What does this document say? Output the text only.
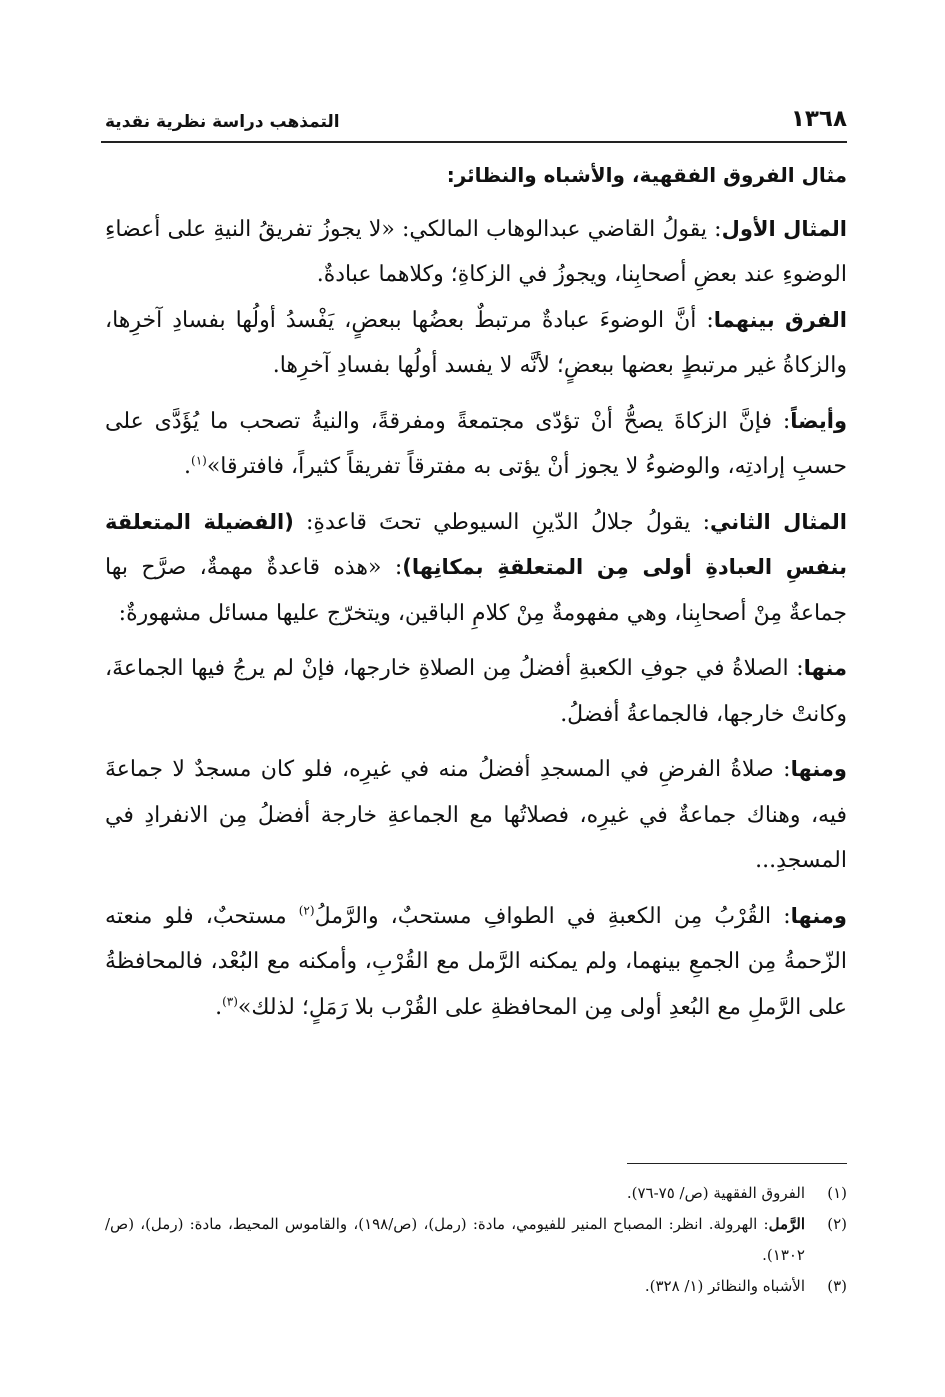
١٣٦٨
التمذهب دراسة نظرية نقدية
مثال الفروق الفقهية، والأشباه والنظائر:

المثال الأول: يقولُ القاضي عبدالوهاب المالكي: «لا يجوزُ تفريقُ النيةِ على أعضاءِ الوضوءِ عند بعضِ أصحابِنا، ويجوزُ في الزكاةِ؛ وكلاهما عبادةٌ.
الفرق بينهما: أنَّ الوضوءَ عبادةٌ مرتبطٌ بعضُها ببعضٍ، يَفْسدُ أولُها بفسادِ آخرِها، والزكاةُ غير مرتبطٍ بعضها ببعضٍ؛ لأنَّه لا يفسد أولُها بفسادِ آخرِها.

وأيضاً: فإنَّ الزكاةَ يصحُّ أنْ تؤدّى مجتمعةً ومفرقةً، والنيةُ تصحب ما يُؤَدَّى على حسبِ إرادتِه، والوضوءُ لا يجوز أنْ يؤتى به مفترقاً تفريقاً كثيراً، فافترقا»$^{(١)}$.

المثال الثاني: يقولُ جلالُ الدّينِ السيوطي تحتَ قاعدةِ: (الفضيلة المتعلقة بنفسِ العبادةِ أولى مِن المتعلقةِ بمكانِها): «هذه قاعدةٌ مهمةٌ، صرَّح بها جماعةٌ مِنْ أصحابِنا، وهي مفهومةٌ مِنْ كلامِ الباقين، ويتخرّج عليها مسائل مشهورةٌ:

منها: الصلاةُ في جوفِ الكعبةِ أفضلُ مِن الصلاةِ خارجها، فإنْ لم يرجُ فيها الجماعةَ، وكانتْ خارجها، فالجماعةُ أفضلُ.

ومنها: صلاةُ الفرضِ في المسجدِ أفضلُ منه في غيرِه، فلو كان مسجدٌ لا جماعةَ فيه، وهناك جماعةٌ في غيرِه، فصلاتُها مع الجماعةِ خارجة أفضلُ مِن الانفرادِ في المسجدِ...

ومنها: القُرْبُ مِن الكعبةِ في الطوافِ مستحبٌ، والرَّملُ$^{(٢)}$ مستحبٌ، فلو منعته الزّحمةُ مِن الجمعِ بينهما، ولم يمكنه الرَّمل مع القُرْبِ، وأمكنه مع البُعْد، فالمحافظةُ على الرَّملِ مع البُعدِ أولى مِن المحافظةِ على القُرْب بلا رَمَلٍ؛ لذلك»$^{(٣)}$.

(١)
الفروق الفقهية (ص/ ٧٥-٧٦).
(٢)
الرَّمل: الهرولة. انظر: المصباح المنير للفيومي، مادة: (رمل)، (ص/١٩٨)، والقاموس المحيط، مادة: (رمل)، (ص/١٣٠٢).
(٣)
الأشباه والنظائر (١/ ٣٢٨).
